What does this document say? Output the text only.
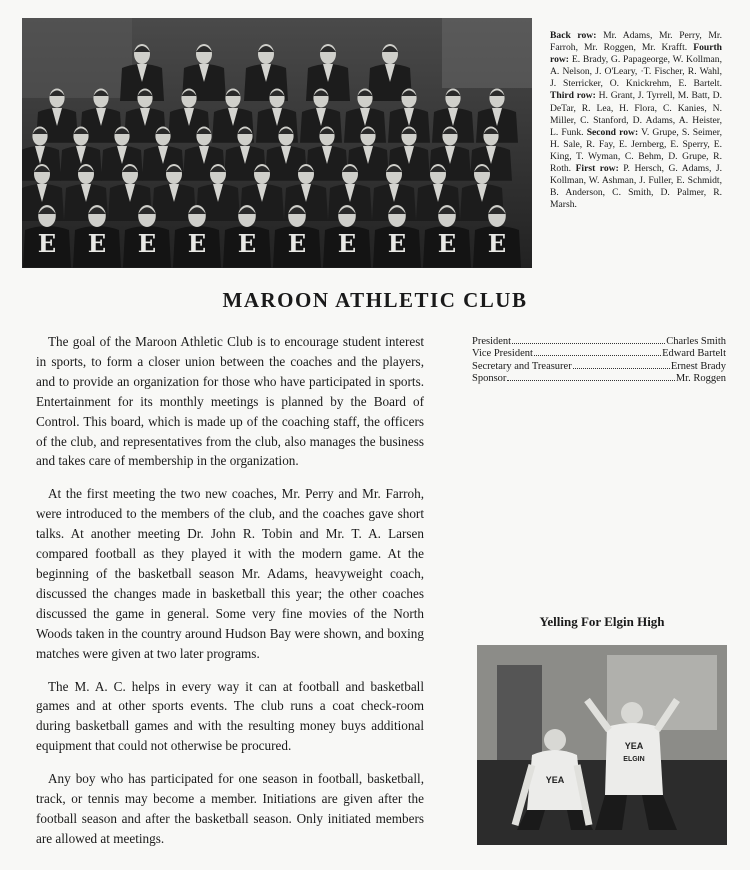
E E E E E E E E E E
Back row: Mr. Adams, Mr. Perry, Mr. Farroh, Mr. Roggen, Mr. Krafft. Fourth row: E. Brady, G. Papageorge, W. Kollman, A. Nelson, J. O'Leary, ·T. Fischer, R. Wahl, J. Sterricker, O. Knickrehm, E. Bartelt. Third row: H. Grant, J. Tyrrell, M. Batt, D. DeTar, R. Lea, H. Flora, C. Kanies, N. Miller, C. Stanford, D. Adams, A. Heister, L. Funk. Second row: V. Grupe, S. Seimer, H. Sale, R. Fay, E. Jernberg, E. Sperry, E. King, T. Wyman, C. Behm, D. Grupe, R. Roth. First row: P. Hersch, G. Adams, J. Kollman, W. Ashman, J. Fuller, E. Schmidt, B. Anderson, C. Smith, D. Palmer, R. Marsh.
MAROON ATHLETIC CLUB
President	Charles Smith
Vice President	Edward Bartelt
Secretary and Treasurer	Ernest Brady
Sponsor	Mr. Roggen

The goal of the Maroon Athletic Club is to encourage student interest in sports, to form a closer union between the coaches and the players, and to provide an organization for those who have participated in sports. Entertainment for its monthly meetings is planned by the Board of Control. This board, which is made up of the coaching staff, the officers of the club, and representatives from the club, also manages the business and takes care of membership in the organization.

At the first meeting the two new coaches, Mr. Perry and Mr. Farroh, were introduced to the members of the club, and the coaches gave short talks. At another meeting Dr. John R. Tobin and Mr. T. A. Larsen compared football as they played it with the modern game. At the beginning of the basketball season Mr. Adams, heavyweight coach, discussed the changes made in basketball this year; the other coaches discussed the game in general. Some very fine movies of the North Woods taken in the country around Hudson Bay were shown, and boxing matches were given at two later programs.

The M. A. C. helps in every way it can at football and basketball games and at other sports events. The club runs a coat check-room during basketball games and with the resulting money buys additional equipment that could not otherwise be procured.

Any boy who has participated for one season in football, basketball, track, or tennis may become a member. Initiations are given after the football season and after the basketball season. Only initiated members are allowed at meetings.

Yelling For Elgin High
YEA
YEA
ELGIN
